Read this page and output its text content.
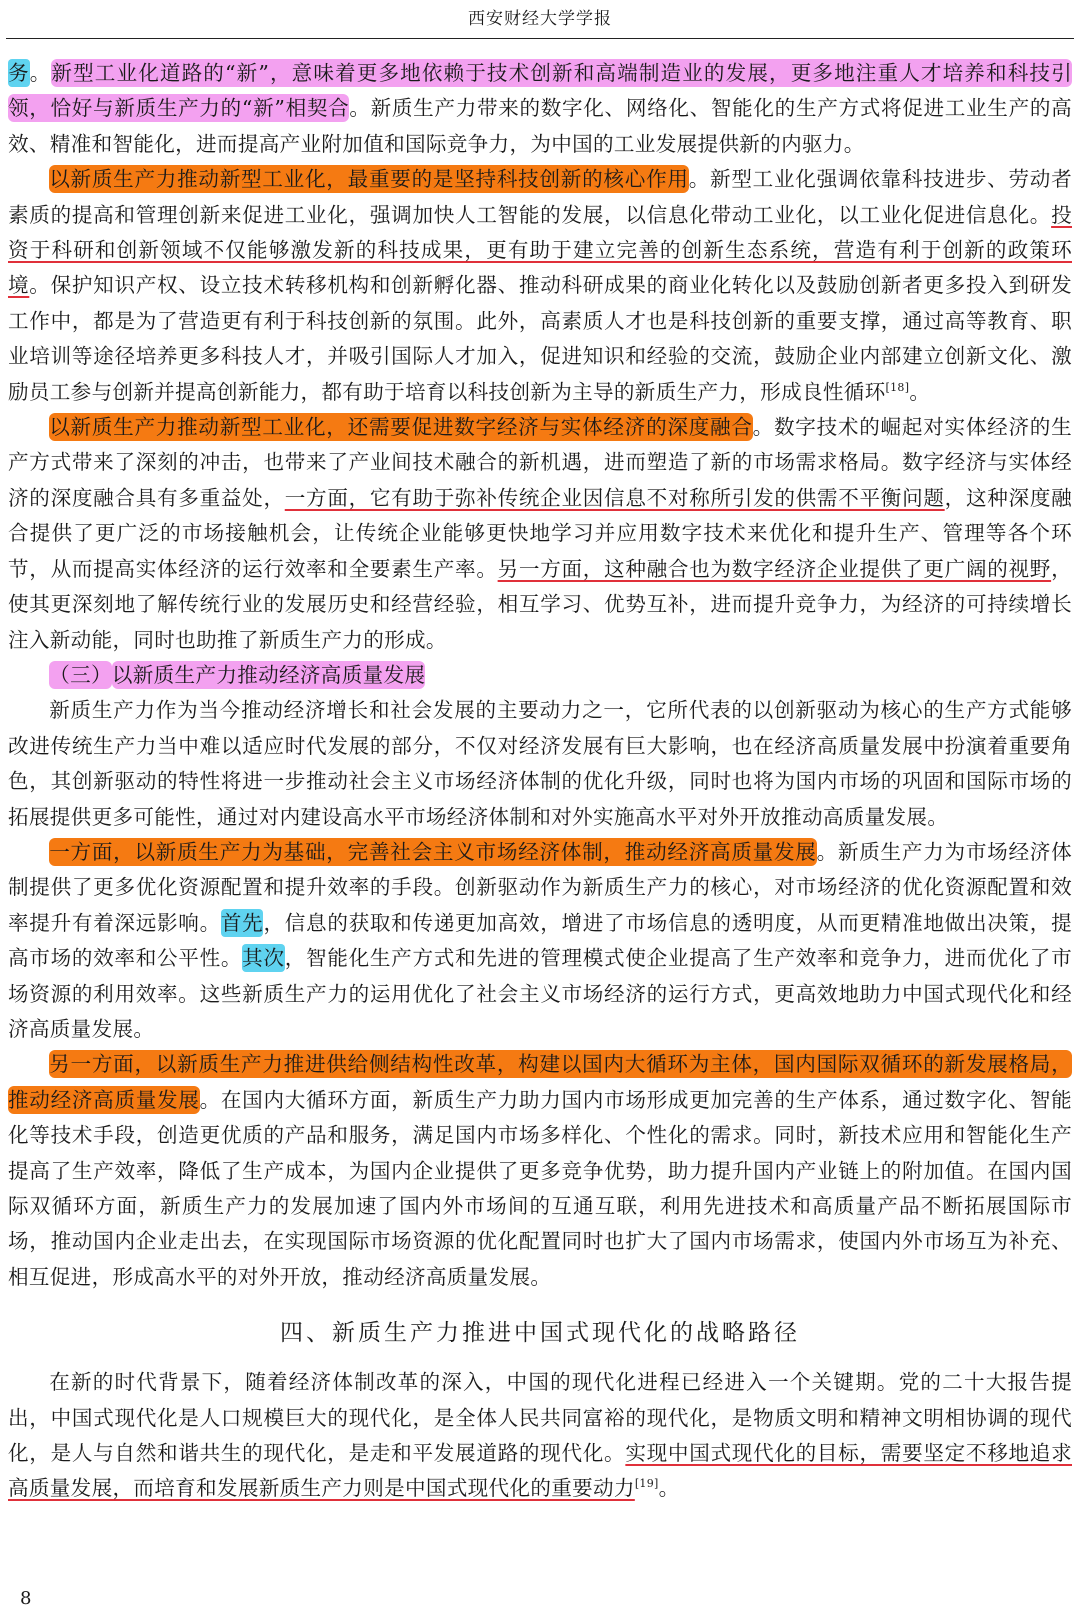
西安财经大学学报

务。新型工业化道路的“新”，意味着更多地依赖于技术创新和高端制造业的发展，更多地注重人才培养和科技引领，恰好与新质生产力的“新”相契合。新质生产力带来的数字化、网络化、智能化的生产方式将促进工业生产的高效、精准和智能化，进而提高产业附加值和国际竞争力，为中国的工业发展提供新的内驱力。

以新质生产力推动新型工业化，最重要的是坚持科技创新的核心作用。新型工业化强调依靠科技进步、劳动者素质的提高和管理创新来促进工业化，强调加快人工智能的发展，以信息化带动工业化，以工业化促进信息化。投资于科研和创新领域不仅能够激发新的科技成果，更有助于建立完善的创新生态系统，营造有利于创新的政策环境。保护知识产权、设立技术转移机构和创新孵化器、推动科研成果的商业化转化以及鼓励创新者更多投入到研发工作中，都是为了营造更有利于科技创新的氛围。此外，高素质人才也是科技创新的重要支撑，通过高等教育、职业培训等途径培养更多科技人才，并吸引国际人才加入，促进知识和经验的交流，鼓励企业内部建立创新文化、激励员工参与创新并提高创新能力，都有助于培育以科技创新为主导的新质生产力，形成良性循环[18]。

以新质生产力推动新型工业化，还需要促进数字经济与实体经济的深度融合。数字技术的崛起对实体经济的生产方式带来了深刻的冲击，也带来了产业间技术融合的新机遇，进而塑造了新的市场需求格局。数字经济与实体经济的深度融合具有多重益处，一方面，它有助于弥补传统企业因信息不对称所引发的供需不平衡问题，这种深度融合提供了更广泛的市场接触机会，让传统企业能够更快地学习并应用数字技术来优化和提升生产、管理等各个环节，从而提高实体经济的运行效率和全要素生产率。另一方面，这种融合也为数字经济企业提供了更广阔的视野，使其更深刻地了解传统行业的发展历史和经营经验，相互学习、优势互补，进而提升竞争力，为经济的可持续增长注入新动能，同时也助推了新质生产力的形成。

（三）以新质生产力推动经济高质量发展

新质生产力作为当今推动经济增长和社会发展的主要动力之一，它所代表的以创新驱动为核心的生产方式能够改进传统生产力当中难以适应时代发展的部分，不仅对经济发展有巨大影响，也在经济高质量发展中扮演着重要角色，其创新驱动的特性将进一步推动社会主义市场经济体制的优化升级，同时也将为国内市场的巩固和国际市场的拓展提供更多可能性，通过对内建设高水平市场经济体制和对外实施高水平对外开放推动高质量发展。

一方面，以新质生产力为基础，完善社会主义市场经济体制，推动经济高质量发展。新质生产力为市场经济体制提供了更多优化资源配置和提升效率的手段。创新驱动作为新质生产力的核心，对市场经济的优化资源配置和效率提升有着深远影响。首先，信息的获取和传递更加高效，增进了市场信息的透明度，从而更精准地做出决策，提高市场的效率和公平性。其次，智能化生产方式和先进的管理模式使企业提高了生产效率和竞争力，进而优化了市场资源的利用效率。这些新质生产力的运用优化了社会主义市场经济的运行方式，更高效地助力中国式现代化和经济高质量发展。

另一方面，以新质生产力推进供给侧结构性改革，构建以国内大循环为主体，国内国际双循环的新发展格局，推动经济高质量发展。在国内大循环方面，新质生产力助力国内市场形成更加完善的生产体系，通过数字化、智能化等技术手段，创造更优质的产品和服务，满足国内市场多样化、个性化的需求。同时，新技术应用和智能化生产提高了生产效率，降低了生产成本，为国内企业提供了更多竞争优势，助力提升国内产业链上的附加值。在国内国际双循环方面，新质生产力的发展加速了国内外市场间的互通互联，利用先进技术和高质量产品不断拓展国际市场，推动国内企业走出去，在实现国际市场资源的优化配置同时也扩大了国内市场需求，使国内外市场互为补充、相互促进，形成高水平的对外开放，推动经济高质量发展。

四、新质生产力推进中国式现代化的战略路径

在新的时代背景下，随着经济体制改革的深入，中国的现代化进程已经进入一个关键期。党的二十大报告提出，中国式现代化是人口规模巨大的现代化，是全体人民共同富裕的现代化，是物质文明和精神文明相协调的现代化，是人与自然和谐共生的现代化，是走和平发展道路的现代化。实现中国式现代化的目标，需要坚定不移地追求高质量发展，而培育和发展新质生产力则是中国式现代化的重要动力[19]。

8
